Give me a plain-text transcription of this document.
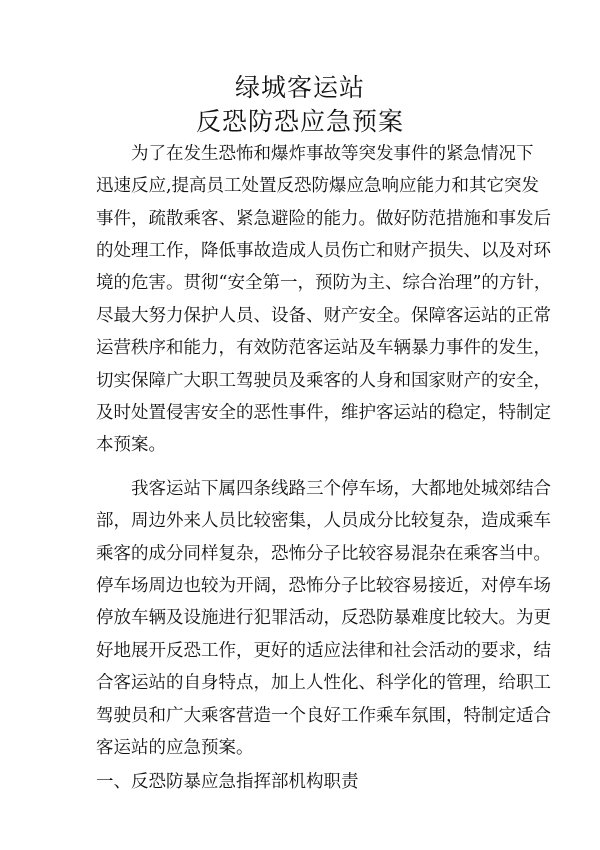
绿城客运站
反恐防恐应急预案
为了在发生恐怖和爆炸事故等突发事件的紧急情况下
迅速反应,提高员工处置反恐防爆应急响应能力和其它突发
事件，疏散乘客、紧急避险的能力。做好防范措施和事发后
的处理工作，降低事故造成人员伤亡和财产损失、以及对环
境的危害。贯彻“安全第一，预防为主、综合治理”的方针，
尽最大努力保护人员、设备、财产安全。保障客运站的正常
运营秩序和能力，有效防范客运站及车辆暴力事件的发生，
切实保障广大职工驾驶员及乘客的人身和国家财产的安全，
及时处置侵害安全的恶性事件，维护客运站的稳定，特制定
本预案。
我客运站下属四条线路三个停车场，大都地处城郊结合
部，周边外来人员比较密集，人员成分比较复杂，造成乘车
乘客的成分同样复杂，恐怖分子比较容易混杂在乘客当中。
停车场周边也较为开阔，恐怖分子比较容易接近，对停车场
停放车辆及设施进行犯罪活动，反恐防暴难度比较大。为更
好地展开反恐工作，更好的适应法律和社会活动的要求，结
合客运站的自身特点，加上人性化、科学化的管理，给职工
驾驶员和广大乘客营造一个良好工作乘车氛围，特制定适合
客运站的应急预案。
一、反恐防暴应急指挥部机构职责
